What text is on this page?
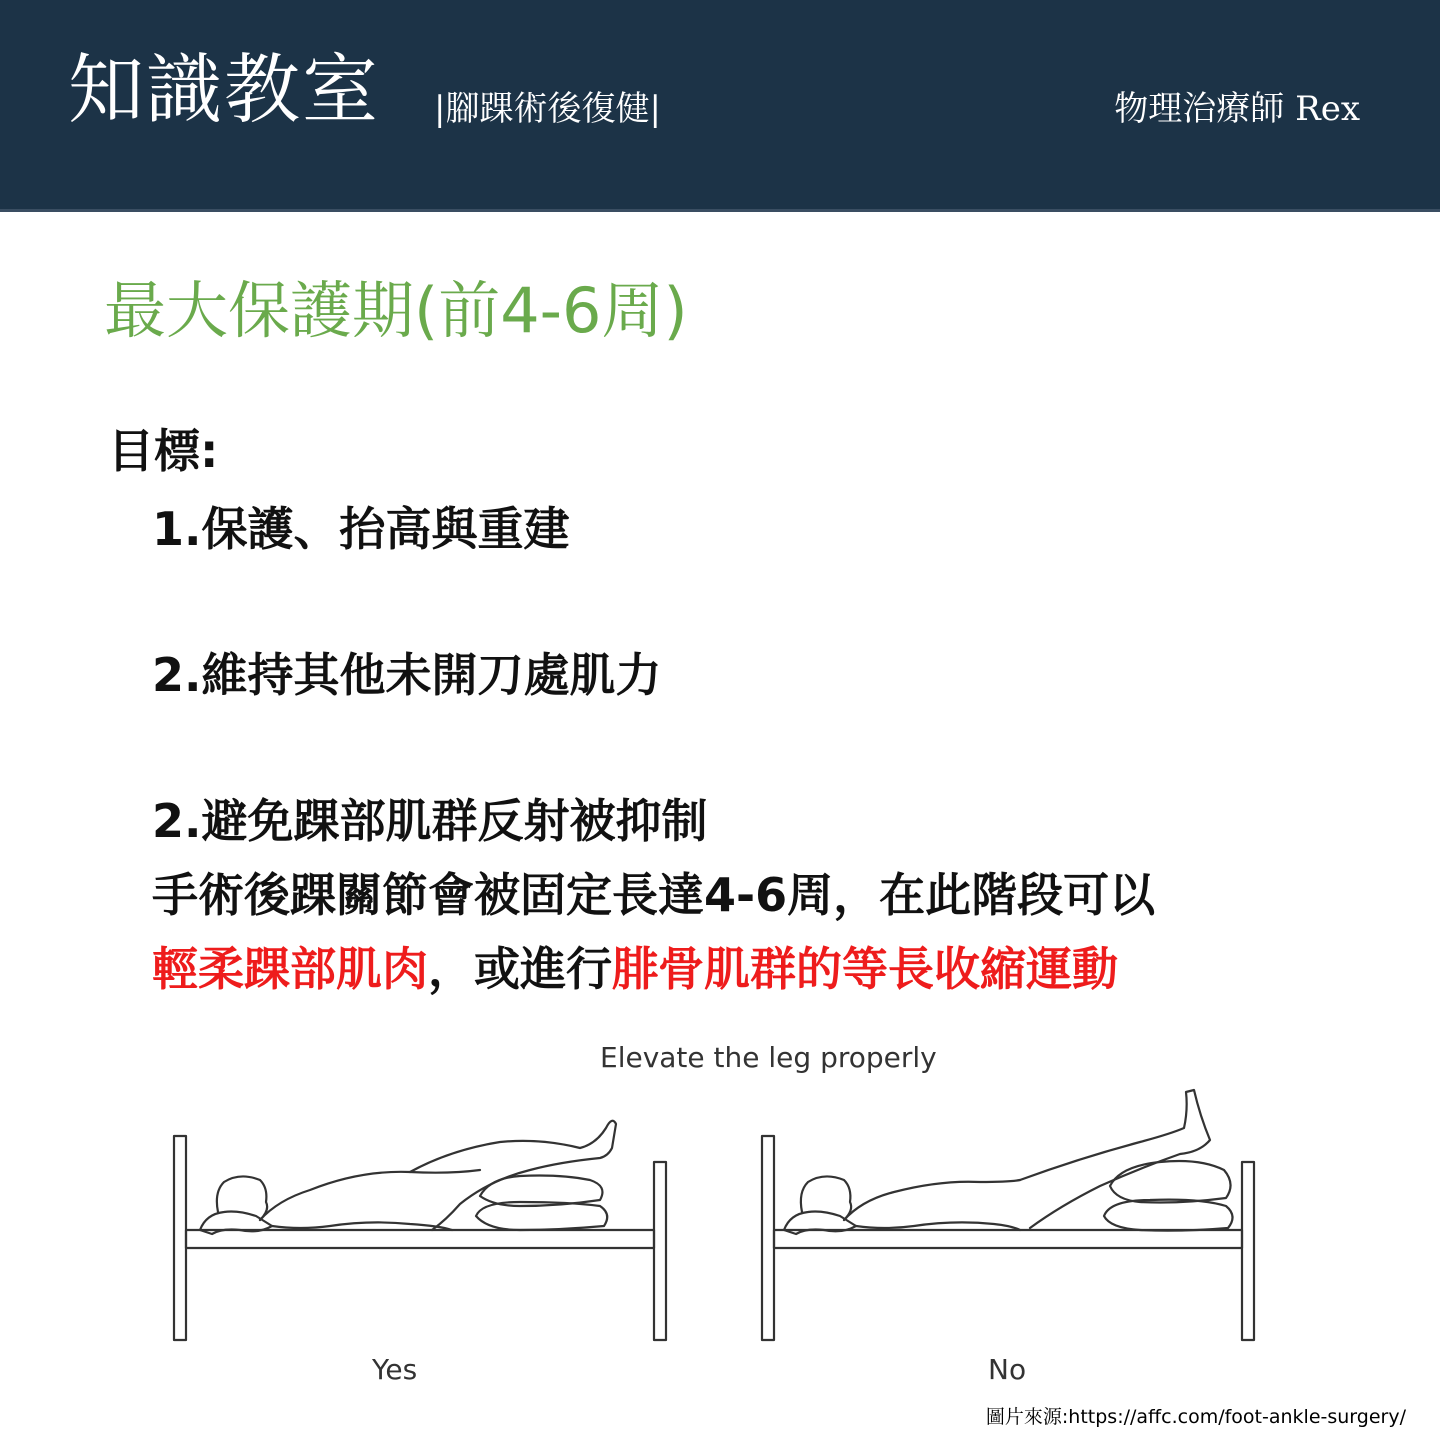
知識教室 |腳踝術後復健|	物理治療師 Rex
最大保護期(前4-6周)
目標:
1.保護、抬高與重建
2.維持其他未開刀處肌力
2.避免踝部肌群反射被抑制
手術後踝關節會被固定長達4-6周，在此階段可以
輕柔踝部肌肉，或進行腓骨肌群的等長收縮運動
Elevate the leg properly
Yes	No
圖片來源:https://affc.com/foot-ankle-surgery/
